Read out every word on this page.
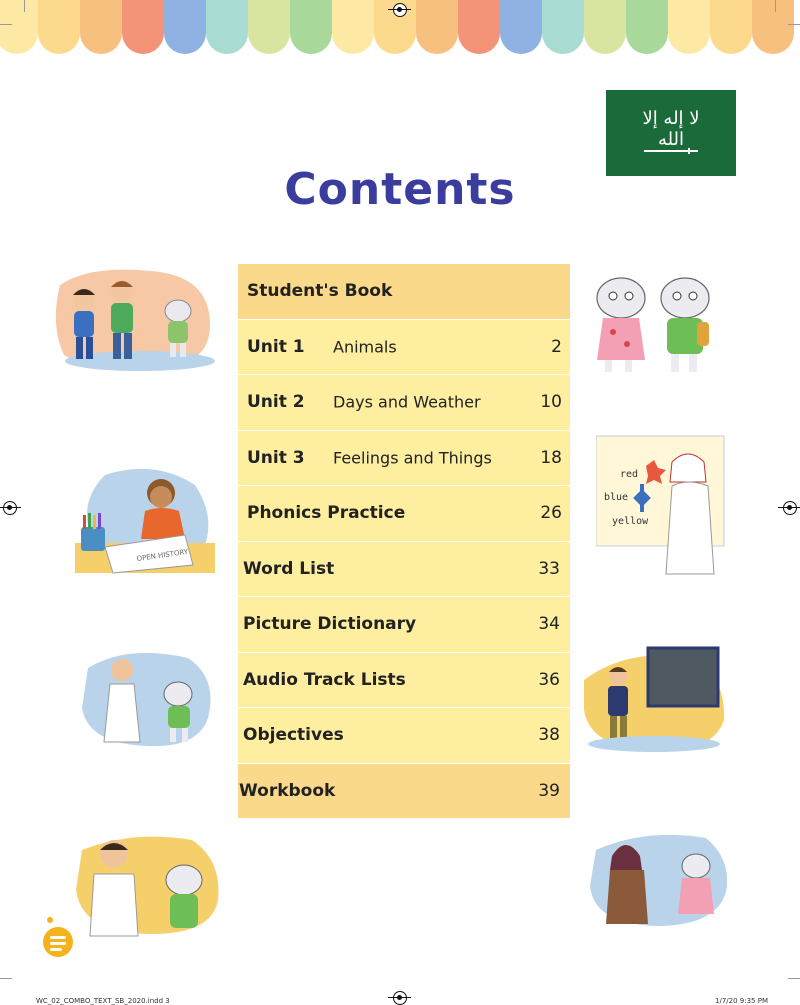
ﻻ ﺇﻟﻪ ﺇﻻ ﺍﻟﻠﻪ
Contents
Student's Book
Unit 1 Animals	2
Unit 2 Days and Weather	10
Unit 3 Feelings and Things	18
Phonics Practice	26
Word List	33
Picture Dictionary	34
Audio Track Lists	36
Objectives	38
Workbook	39
OPEN HISTORY
red
blue
yellow
WC_02_COMBO_TEXT_SB_2020.indd 3	1/7/20 9:35 PM
